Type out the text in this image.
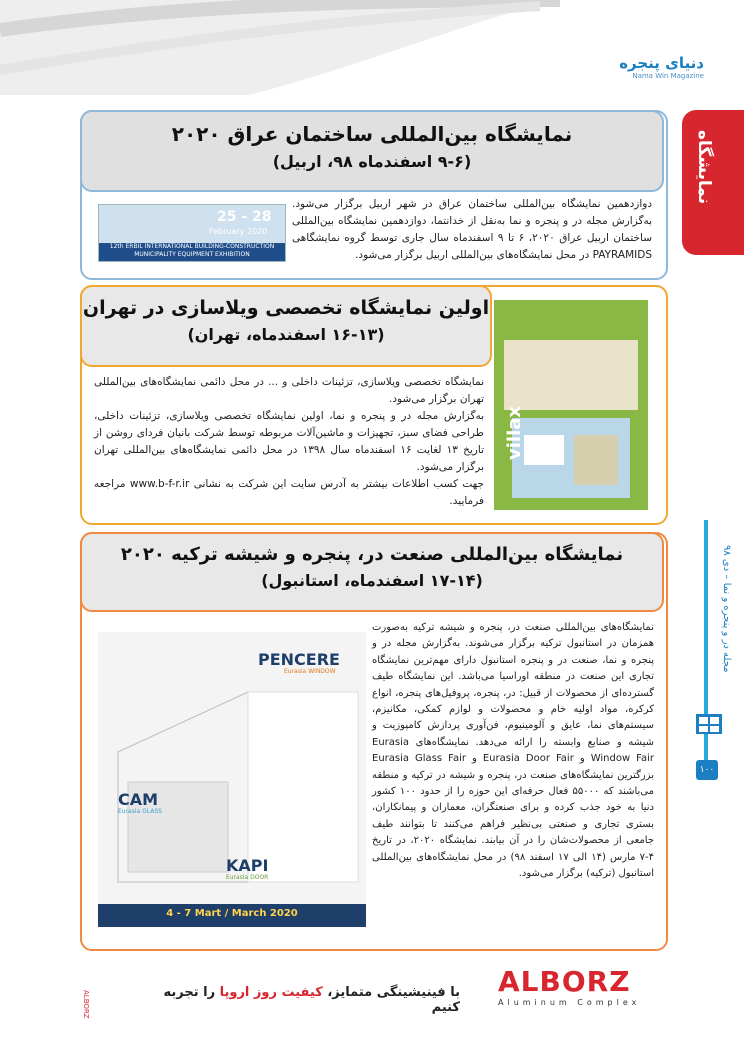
دنیای پنجره
Nama Win Magazine
نمایشگاه
مجله در و پنجره و نما – دی ۹۸
۱۰۰
نمایشگاه بین‌المللی ساختمان عراق ۲۰۲۰
(۹-۶ اسفندماه ۹۸، اربیل)
دوازدهمین نمایشگاه بین‌المللی ساختمان عراق در شهر اربیل برگزار می‌شود. به‌گزارش مجله در و پنجره و نما به‌نقل از خدانتما، دوازدهمین نمایشگاه بین‌المللی ساختمان اربیل عراق ۲۰۲۰، ۶ تا ۹ اسفندماه سال جاری توسط گروه نمایشگاهی PAYRAMIDS در محل نمایشگاه‌های بین‌المللی اربیل برگزار می‌شود.
25 - 28
February 2020
12th ERBIL INTERNATIONAL BUILDING-CONSTRUCTION MUNICIPALITY EQUIPMENT EXHIBITION
اولین نمایشگاه تخصصی ویلاسازی در تهران
(۱۶-۱۳ اسفندماه، تهران)
نمایشگاه تخصصی ویلاسازی، تزئینات داخلی و ... در محل دائمی نمایشگاه‌های بین‌المللی تهران برگزار می‌شود.
به‌گزارش مجله در و پنجره و نما، اولین نمایشگاه تخصصی ویلاسازی، تزئینات داخلی، طراحی فضای سبز، تجهیزات و ماشین‌آلات مربوطه توسط شرکت بانیان فردای روشن از تاریخ ۱۳ لغایت ۱۶ اسفندماه سال ۱۳۹۸ در محل دائمی نمایشگاه‌های بین‌المللی تهران برگزار می‌شود.
جهت کسب اطلاعات بیشتر به آدرس سایت این شرکت به نشانی www.b-f-r.ir مراجعه فرمایید.
villax
نمایشگاه بین‌المللی صنعت در، پنجره و شیشه ترکیه ۲۰۲۰
(۱۷-۱۴ اسفندماه، استانبول)
نمایشگاه‌های بین‌المللی صنعت در، پنجره و شیشه ترکیه به‌صورت همزمان در استانبول ترکیه برگزار می‌شوند. به‌گزارش مجله در و پنجره و نما، صنعت در و پنجره استانبول دارای مهم‌ترین نمایشگاه تجاری این صنعت در منطقه اوراسیا می‌باشد. این نمایشگاه طیف گسترده‌ای از محصولات از قبیل: در، پنجره، پروفیل‌های پنجره، انواع کرکره، مواد اولیه خام و محصولات و لوازم کمکی، مکانیزم، سیستم‌های نما، عایق و آلومینیوم، فن‌آوری پردازش کامپوزیت و شیشه و صنایع وابسته را ارائه می‌دهد. نمایشگاه‌های Eurasia Window Fair و Eurasia Door Fair و Eurasia Glass Fair بزرگترین نمایشگاه‌های صنعت در، پنجره و شیشه در ترکیه و منطقه می‌باشند که ۵۵۰۰۰ فعال حرفه‌ای این حوزه را از حدود ۱۰۰ کشور دنیا به خود جذب کرده و برای صنعتگران، معماران و پیمانکاران، بستری تجاری و صنعتی بی‌نظیر فراهم می‌کنند تا بتوانند طیف جامعی از محصولات‌شان را در آن بیابند. نمایشگاه ۲۰۲۰، در تاریخ ۴-۷ مارس (۱۴ الی ۱۷ اسفند ۹۸) در محل نمایشگاه‌های بین‌المللی استانبول (ترکیه) برگزار می‌شود.
PENCERE
Eurasia WINDOW
CAM
Eurasia GLASS
KAPI
Eurasia DOOR
4 - 7 Mart / March 2020
با فینیشینگی متمایز، کیفیت روز اروپا را تجربه کنیم
ALBORZ
Aluminum Complex
ALBORZ
